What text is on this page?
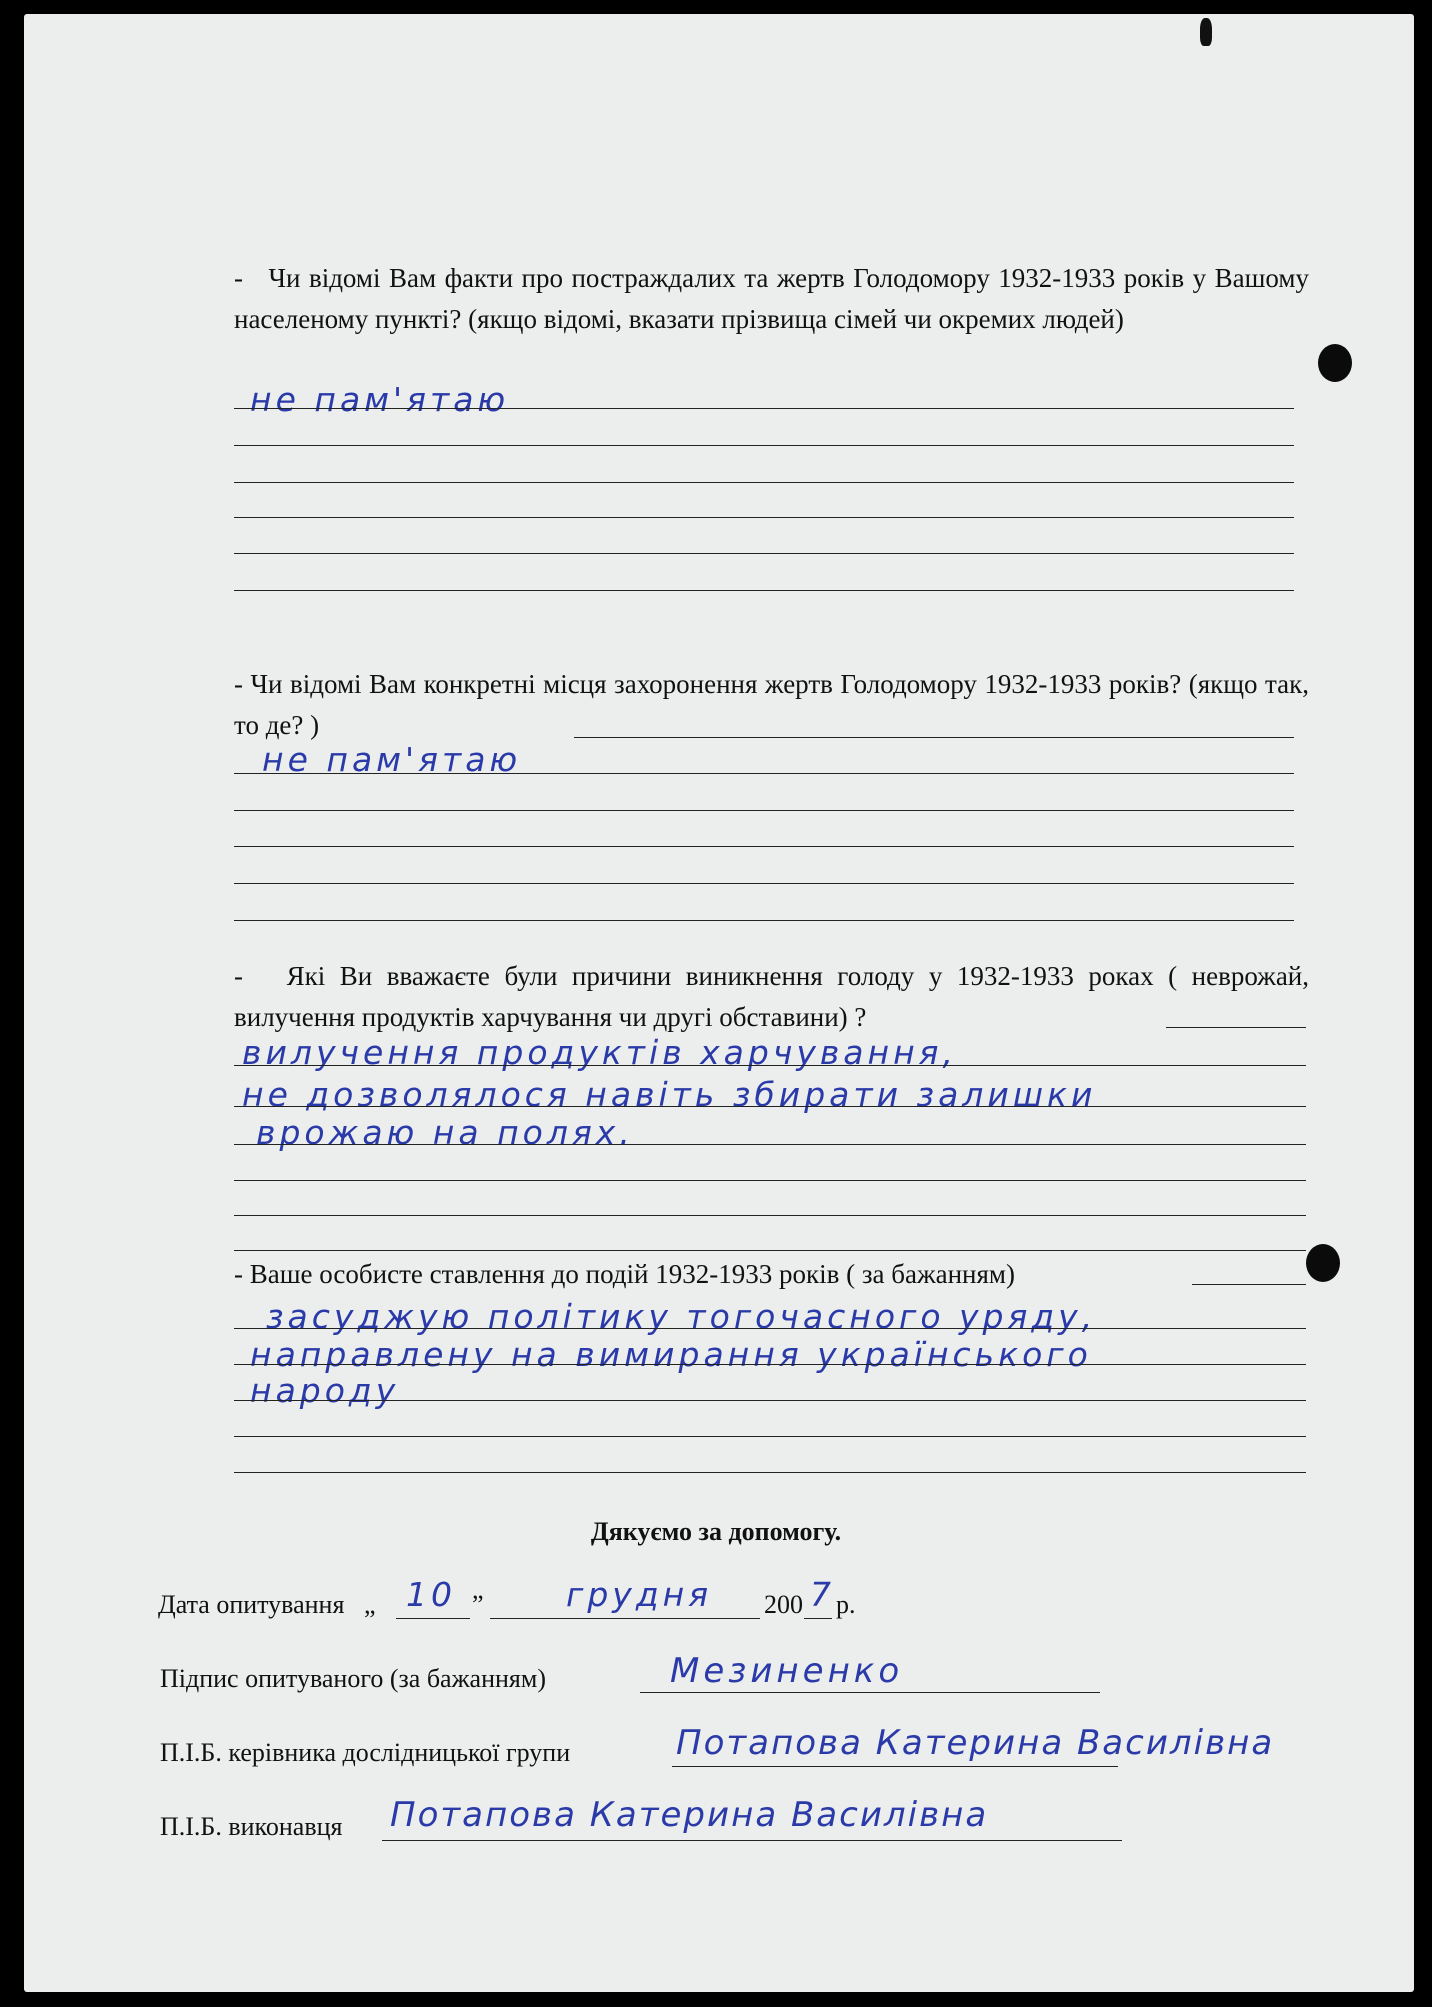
-   Чи відомі Вам факти про постраждалих та жертв Голодомору 1932-1933 років у Вашому населеному пункті? (якщо відомі, вказати прізвища сімей чи окремих людей)
не пам'ятаю
- Чи відомі Вам конкретні місця захоронення жертв Голодомору 1932-1933 років? (якщо так, то де? )
не пам'ятаю
-   Які Ви вважаєте були причини виникнення голоду у 1932-1933 роках ( неврожай, вилучення продуктів харчування чи другі обставини) ?
вилучення продуктів харчування,
не дозволялося навіть збирати залишки
врожаю на полях.
- Ваше особисте ставлення до подій 1932-1933 років ( за бажанням)
засуджую політику тогочасного уряду,
направлену на вимирання українського
народу
Дякуємо за допомогу.
Дата опитування „ 10 ” грудня 200 7 р.
Підпис опитуваного (за бажанням)	Мезиненко
П.І.Б. керівника дослідницької групи	Потапова Катерина Василівна
П.І.Б. виконавця Потапова Катерина Василівна
